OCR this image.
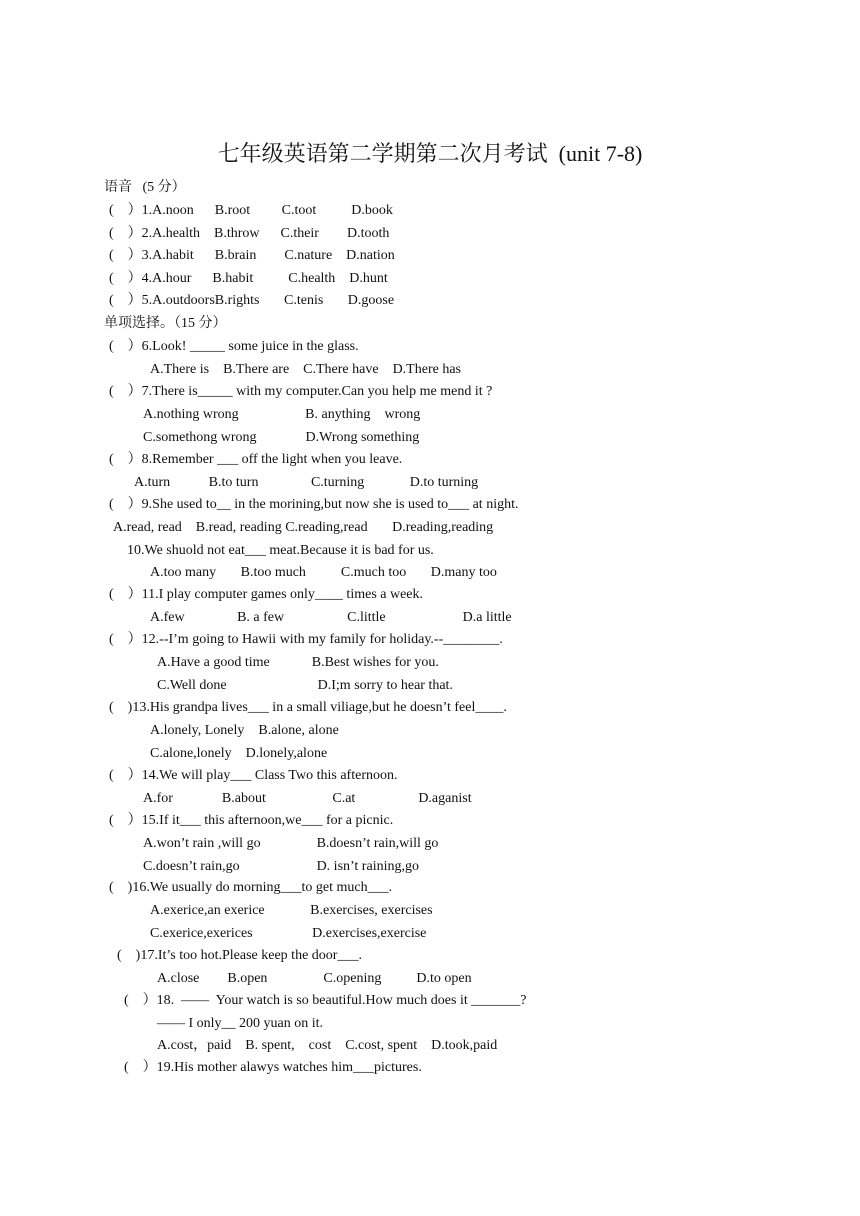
七年级英语第二学期第二次月考试  (unit 7-8)
语音   (5 分）
(    ）1.A.noon      B.root         C.toot          D.book
(    ）2.A.health    B.throw      C.their        D.tooth
(    ）3.A.habit      B.brain        C.nature    D.nation
(    ）4.A.hour      B.habit          C.health    D.hunt
(    ）5.A.outdoorsB.rights       C.tenis       D.goose
单项选择。（15 分）
(    ）6.Look! _____ some juice in the glass.
A.There is    B.There are    C.There have    D.There has
(    ）7.There is_____ with my computer.Can you help me mend it ?
A.nothing wrong                   B. anything    wrong
C.somethong wrong              D.Wrong something
(    ）8.Remember ___ off the light when you leave.
A.turn           B.to turn               C.turning             D.to turning
(    ）9.She used to__ in the morining,but now she is used to___ at night.
A.read, read    B.read, reading C.reading,read       D.reading,reading
10.We shuold not eat___ meat.Because it is bad for us.
A.too many       B.too much          C.much too       D.many too
(    ）11.I play computer games only____ times a week.
A.few               B. a few                  C.little                      D.a little
(    ）12.--I’m going to Hawii with my family for holiday.--________.
A.Have a good time            B.Best wishes for you.
C.Well done                          D.I;m sorry to hear that.
(    )13.His grandpa lives___ in a small viliage,but he doesn’t feel____.
A.lonely, Lonely    B.alone, alone
C.alone,lonely    D.lonely,alone
(    ）14.We will play___ Class Two this afternoon.
A.for              B.about                   C.at                  D.aganist
(    ）15.If it___ this afternoon,we___ for a picnic.
A.won’t rain ,will go                B.doesn’t rain,will go
C.doesn’t rain,go                      D. isn’t raining,go
(    )16.We usually do morning___to get much___.
A.exerice,an exerice             B.exercises, exercises
C.exerice,exerices                 D.exercises,exercise
(    )17.It’s too hot.Please keep the door___.
A.close        B.open                C.opening          D.to open
(    ）18.  ——  Your watch is so beautiful.How much does it _______?
—— I only__ 200 yuan on it.
A.cost，paid    B. spent,    cost    C.cost, spent    D.took,paid
(    ）19.His mother alawys watches him___pictures.
